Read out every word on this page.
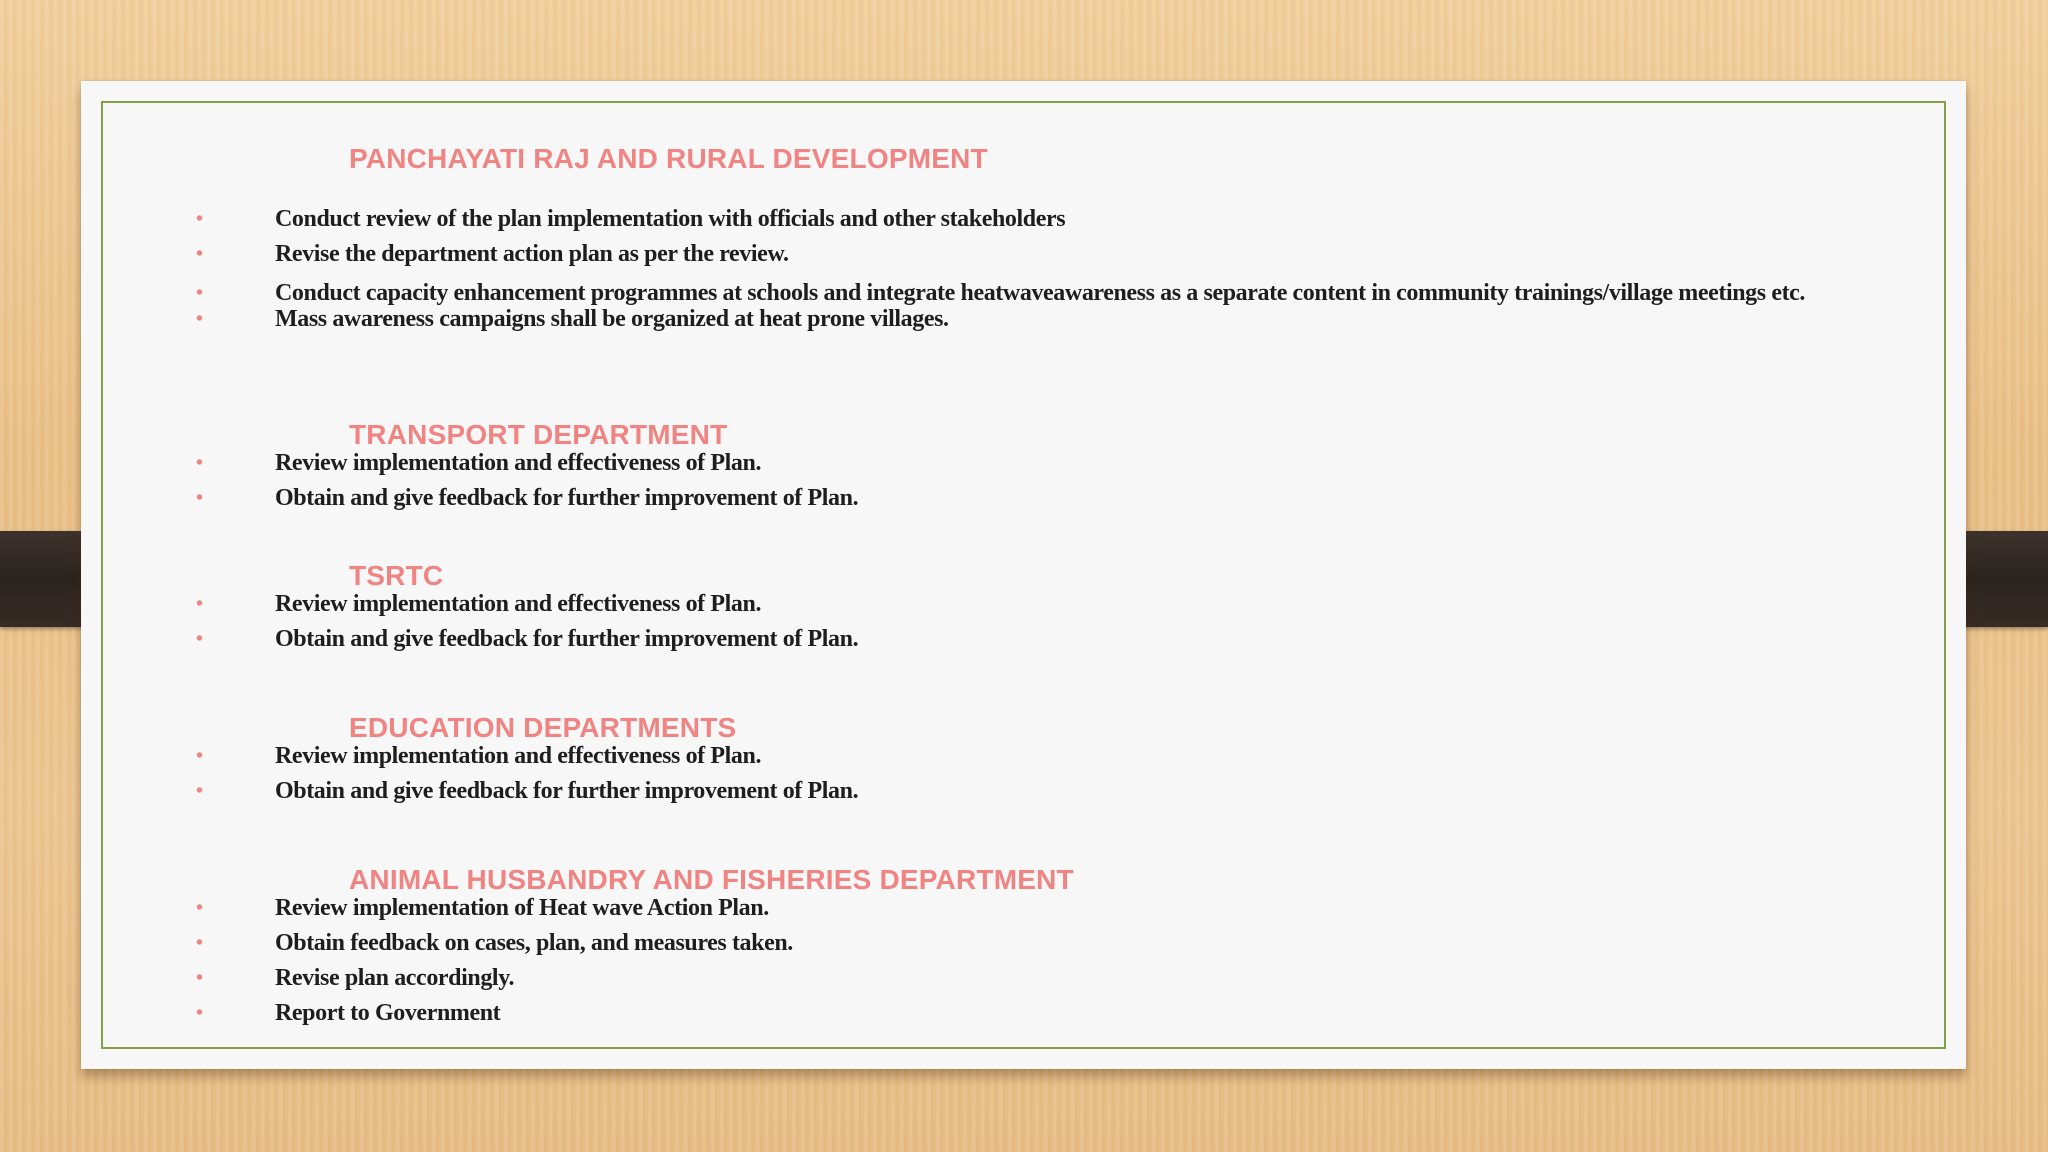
PANCHAYATI RAJ AND RURAL DEVELOPMENT
•	Conduct review of the plan implementation with officials and other stakeholders
•	Revise the department action plan as per the review.
•	Conduct capacity enhancement programmes at schools and integrate heatwaveawareness as a separate content in community trainings/village meetings etc.
•	Mass awareness campaigns shall be organized at heat prone villages.
TRANSPORT DEPARTMENT
•	Review implementation and effectiveness of Plan.
•	Obtain and give feedback for further improvement of Plan.
TSRTC
•	Review implementation and effectiveness of Plan.
•	Obtain and give feedback for further improvement of Plan.
EDUCATION DEPARTMENTS
•	Review implementation and effectiveness of Plan.
•	Obtain and give feedback for further improvement of Plan.
ANIMAL HUSBANDRY AND FISHERIES DEPARTMENT
•	Review implementation of Heat wave Action Plan.
•	Obtain feedback on cases, plan, and measures taken.
•	Revise plan accordingly.
•	Report to Government
